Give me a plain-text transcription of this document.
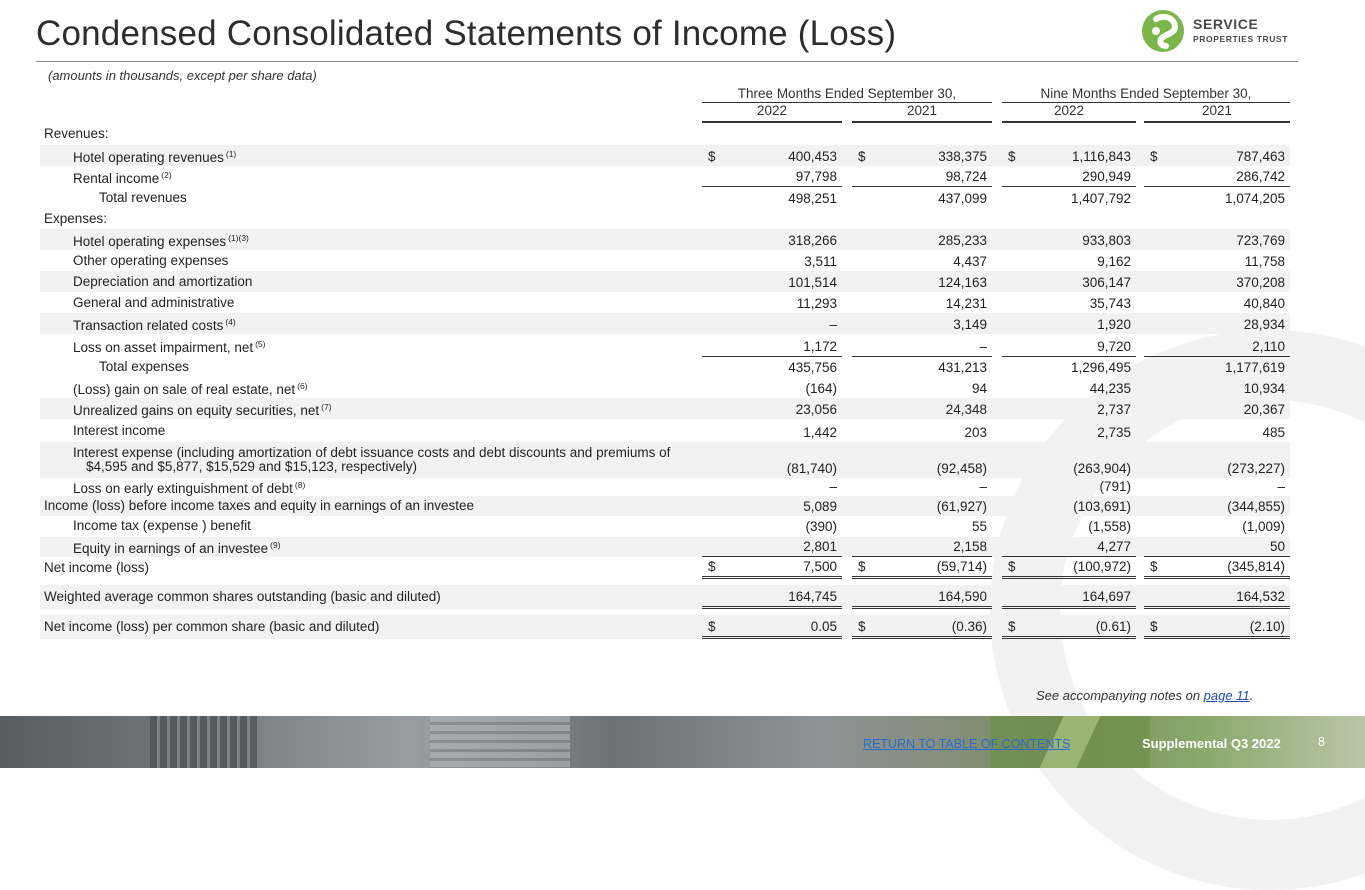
Condensed Consolidated Statements of Income (Loss)	SERVICE
PROPERTIES TRUST
(amounts in thousands, except per share data)
Three Months Ended September 30,	Nine Months Ended September 30,
2022	2021	2022	2021
Revenues:
Hotel operating revenues $^{(1)}$	$	400,453 $	338,375 $	1,116,843 $	787,463
Rental income $^{(2)}$	97,798	98,724	290,949	286,742
Total revenues	498,251	437,099	1,407,792	1,074,205
Expenses:
Hotel operating expenses $^{(1)(3)}$	318,266	285,233	933,803	723,769
Other operating expenses	3,511	4,437	9,162	11,758
Depreciation and amortization	101,514	124,163	306,147	370,208
General and administrative	11,293	14,231	35,743	40,840
Transaction related costs $^{(4)}$	–	3,149	1,920	28,934
Loss on asset impairment, net $^{(5)}$	1,172	–	9,720	2,110
Total expenses	435,756	431,213	1,296,495	1,177,619
(Loss) gain on sale of real estate, net $^{(6)}$	(164)	94	44,235	10,934
Unrealized gains on equity securities, net $^{(7)}$	23,056	24,348	2,737	20,367
Interest income	1,442	203	2,735	485
Interest expense (including amortization of debt issuance costs and debt discounts and premiums of
$4,595 and $5,877, $15,529 and $15,123, respectively)	(81,740)	(92,458)	(263,904)	(273,227)
Loss on early extinguishment of debt $^{(8)}$	–	–	(791)	–
Income (loss) before income taxes and equity in earnings of an investee	5,089	(61,927)	(103,691)	(344,855)
Income tax (expense ) benefit	(390)	55	(1,558)	(1,009)
Equity in earnings of an investee $^{(9)}$	2,801	2,158	4,277	50
Net income (loss)	$	7,500 $	(59,714) $	(100,972) $	(345,814)
Weighted average common shares outstanding (basic and diluted)	164,745	164,590	164,697	164,532
Net income (loss) per common share (basic and diluted)	$	0.05 $	(0.36) $	(0.61) $	(2.10)
See accompanying notes on page 11.
RETURN TO TABLE OF CONTENTS	Supplemental Q3 2022	8
